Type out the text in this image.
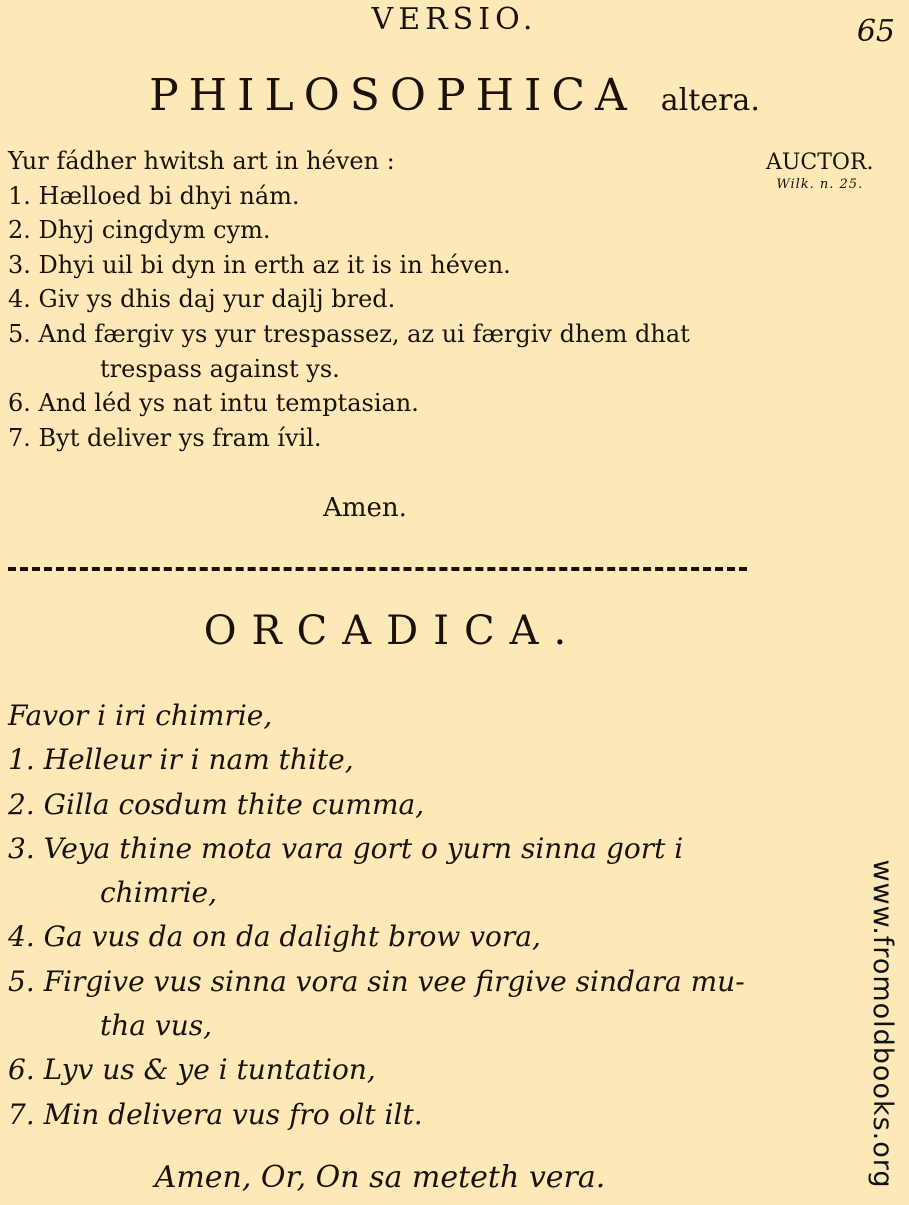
VERSIO.	65
PHILOSOPHICA altera.
AUCTOR.
Wilk. n. 25.
Yur fádher hwitsh art in héven :
1. Hælloed bi dhyi nám.
2. Dhyj cingdym cym.
3. Dhyi uil bi dyn in erth az it is in héven.
4. Giv ys dhis daj yur dajlj bred.
5. And færgiv ys yur trespassez, az ui færgiv dhem dhat
trespass against ys.
6. And léd ys nat intu temptasian.
7. Byt deliver ys fram ívil.
Amen.
ORCADICA.
Favor i iri chimrie,
1. Helleur ir i nam thite,
2. Gilla cosdum thite cumma,
3. Veya thine mota vara gort o yurn sinna gort i
chimrie,
4. Ga vus da on da dalight brow vora,
5. Firgive vus sinna vora sin vee firgive sindara mu-
tha vus,
6. Lyv us & ye i tuntation,
7. Min delivera vus fro olt ilt.
Amen, Or, On sa meteth vera.	www.fromoldbooks.org
